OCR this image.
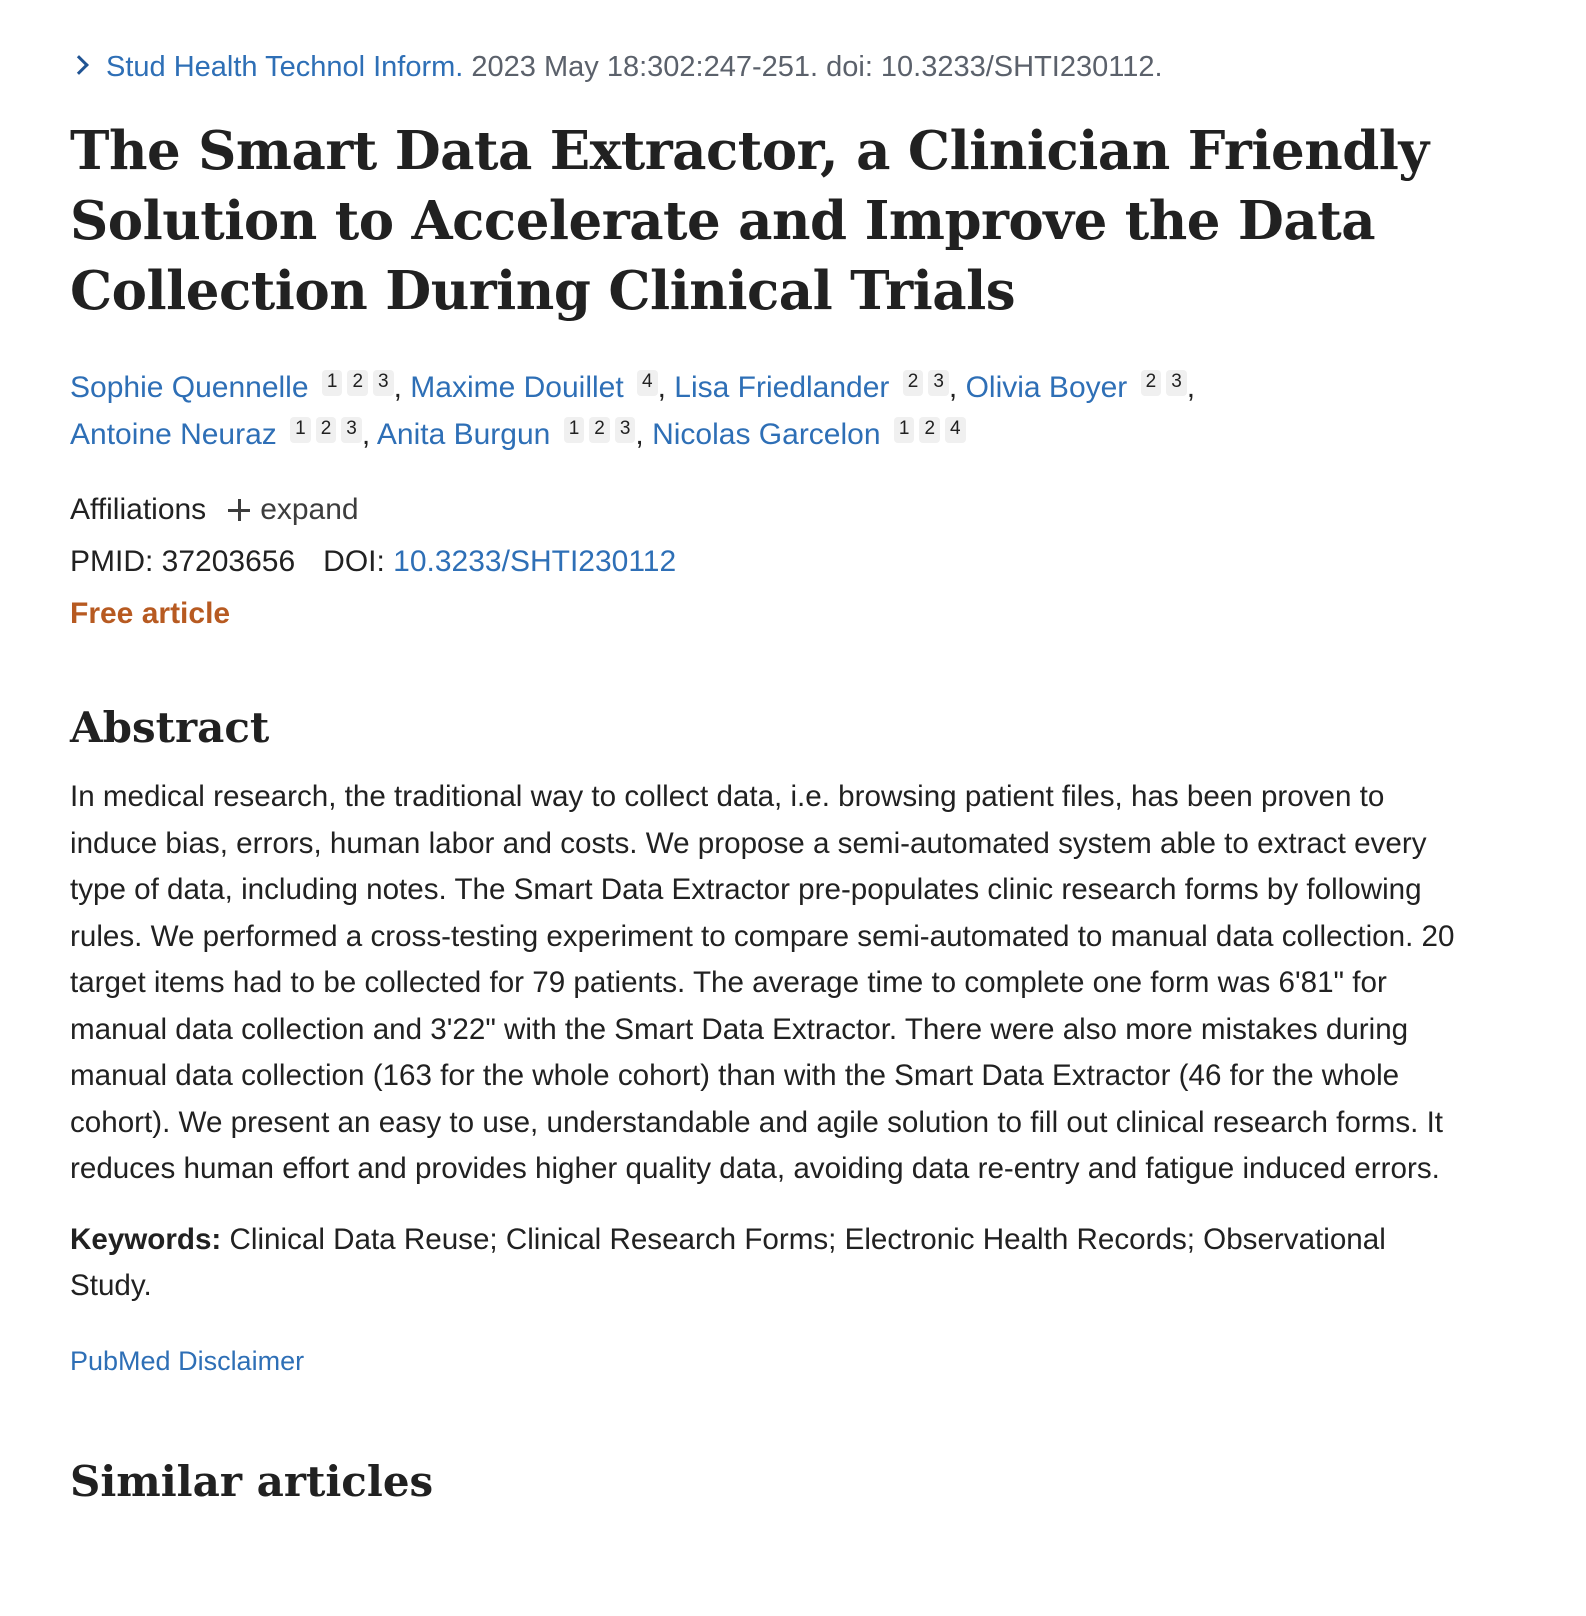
Stud Health Technol Inform. 2023 May 18:302:247-251. doi: 10.3233/SHTI230112.
The Smart Data Extractor, a Clinician Friendly Solution to Accelerate and Improve the Data Collection During Clinical Trials
Sophie Quennelle $^{1 2 3}$ , Maxime Douillet $^4$ , Lisa Friedlander $^{2 3}$ , Olivia Boyer $^{2 3}$ ,
Antoine Neuraz $^{1 2 3}$ , Anita Burgun $^{1 2 3}$ , Nicolas Garcelon $^{1 2 4}$
Affiliations expand
PMID: 37203656 DOI: 10.3233/SHTI230112
Free article
Abstract

In medical research, the traditional way to collect data, i.e. browsing patient files, has been proven to induce bias, errors, human labor and costs. We propose a semi-automated system able to extract every type of data, including notes. The Smart Data Extractor pre-populates clinic research forms by following rules. We performed a cross-testing experiment to compare semi-automated to manual data collection. 20 target items had to be collected for 79 patients. The average time to complete one form was 6'81" for manual data collection and 3'22" with the Smart Data Extractor. There were also more mistakes during manual data collection (163 for the whole cohort) than with the Smart Data Extractor (46 for the whole cohort). We present an easy to use, understandable and agile solution to fill out clinical research forms. It reduces human effort and provides higher quality data, avoiding data re-entry and fatigue induced errors.

Keywords: Clinical Data Reuse; Clinical Research Forms; Electronic Health Records; Observational Study.

PubMed Disclaimer
Similar articles
